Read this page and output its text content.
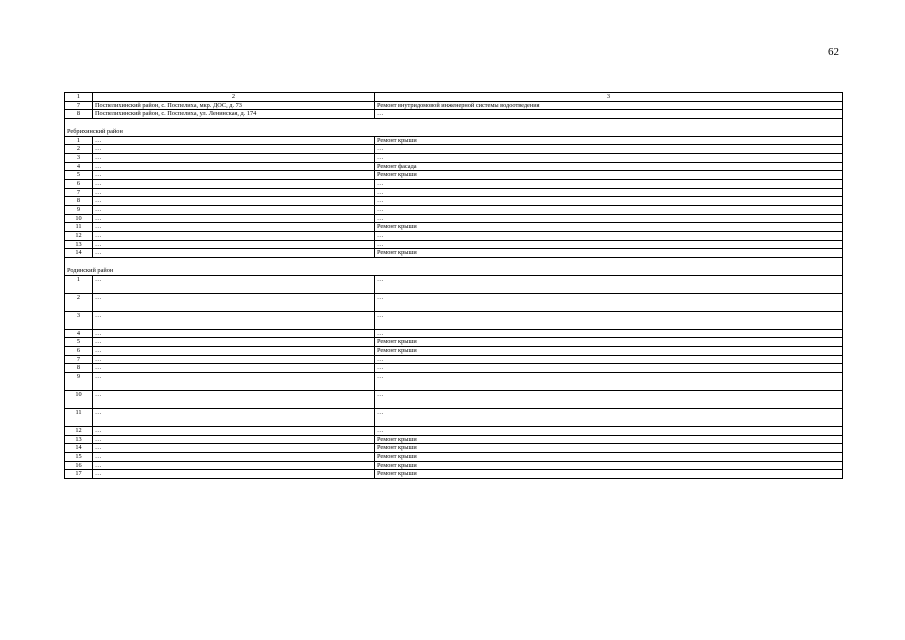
62
1	2	3
7	Поспелихинский район, с. Поспелиха, мкр. ДОС, д. 73	Ремонт внутридомовой инженерной системы водоотведения
8	Поспелихинский район, с. Поспелиха, ул. Ленинская, д. 174	…
Ребрихинский район		
1	…	Ремонт крыши
2	…	…
3	…	…
4	…	Ремонт фасада
5	…	Ремонт крыши
6	…	…
7	…	…
8	…	…
9	…	…
10	…	…
11	…	Ремонт крыши
12	…	…
13	…	…
14	…	Ремонт крыши
Родинский район		
1	…	…
2	…	…
3	…	…
4	…	…
5	…	Ремонт крыши
6	…	Ремонт крыши
7	…	…
8	…	…
9	…	…
10	…	…
11	…	…
12	…	…
13	…	Ремонт крыши
14	…	Ремонт крыши
15	…	Ремонт крыши
16	…	Ремонт крыши
17	…	Ремонт крыши
